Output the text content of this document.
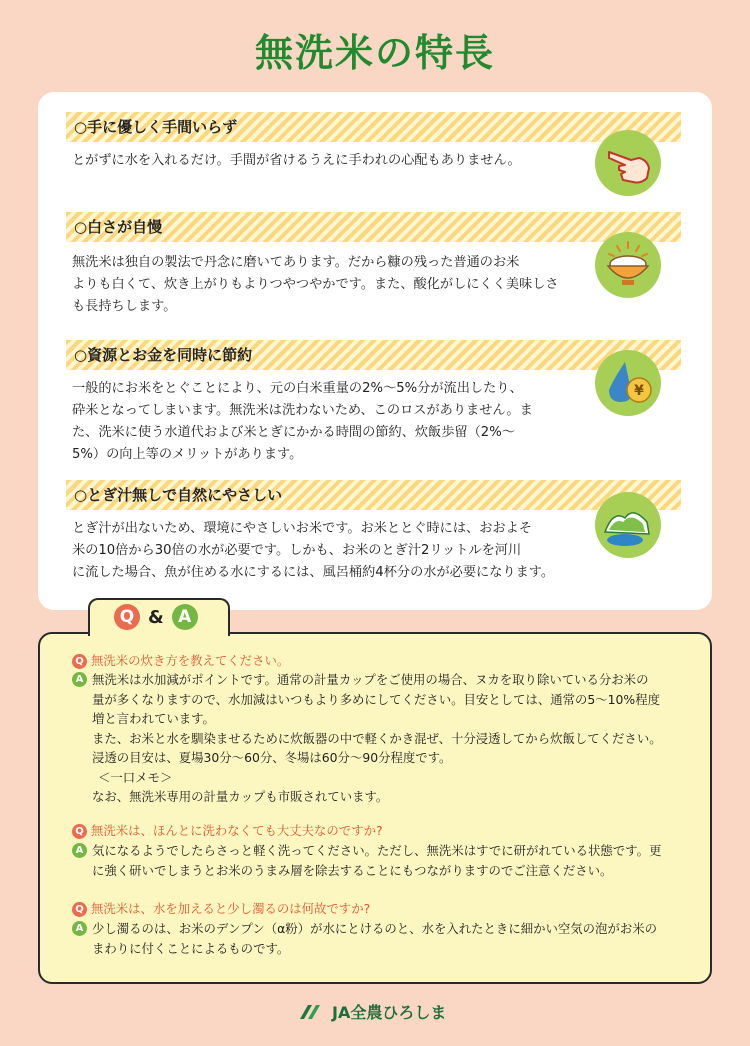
無洗米の特長
○手に優しく手間いらず
とがずに水を入れるだけ。手間が省けるうえに手われの心配もありません。
○白さが自慢
無洗米は独自の製法で丹念に磨いてあります。だから糠の残った普通のお米
よりも白くて、炊き上がりもよりつやつやかです。また、酸化がしにくく美味しさ
も長持ちします。
○資源とお金を同時に節約
一般的にお米をとぐことにより、元の白米重量の2%～5%分が流出したり、
砕米となってしまいます。無洗米は洗わないため、このロスがありません。ま
た、洗米に使う水道代および米とぎにかかる時間の節約、炊飯歩留（2%～
5%）の向上等のメリットがあります。
¥
○とぎ汁無しで自然にやさしい
とぎ汁が出ないため、環境にやさしいお米です。お米ととぐ時には、おおよそ
米の10倍から30倍の水が必要です。しかも、お米のとぎ汁2リットルを河川
に流した場合、魚が住める水にするには、風呂桶約4杯分の水が必要になります。
Q & A
Q 無洗米の炊き方を教えてください。
A 無洗米は水加減がポイントです。通常の計量カップをご使用の場合、ヌカを取り除いている分お米の
量が多くなりますので、水加減はいつもより多めにしてください。目安としては、通常の5～10%程度
増と言われています。
また、お米と水を馴染ませるために炊飯器の中で軽くかき混ぜ、十分浸透してから炊飯してください。
浸透の目安は、夏場30分～60分、冬場は60分～90分程度です。
＜一口メモ＞
なお、無洗米専用の計量カップも市販されています。
Q 無洗米は、ほんとに洗わなくても大丈夫なのですか?
A 気になるようでしたらさっと軽く洗ってください。ただし、無洗米はすでに研がれている状態です。更
に強く研いでしまうとお米のうまみ層を除去することにもつながりますのでご注意ください。
Q 無洗米は、水を加えると少し濁るのは何故ですか?
A 少し濁るのは、お米のデンプン（α粉）が水にとけるのと、水を入れたときに細かい空気の泡がお米の
まわりに付くことによるものです。
JA全農ひろしま
